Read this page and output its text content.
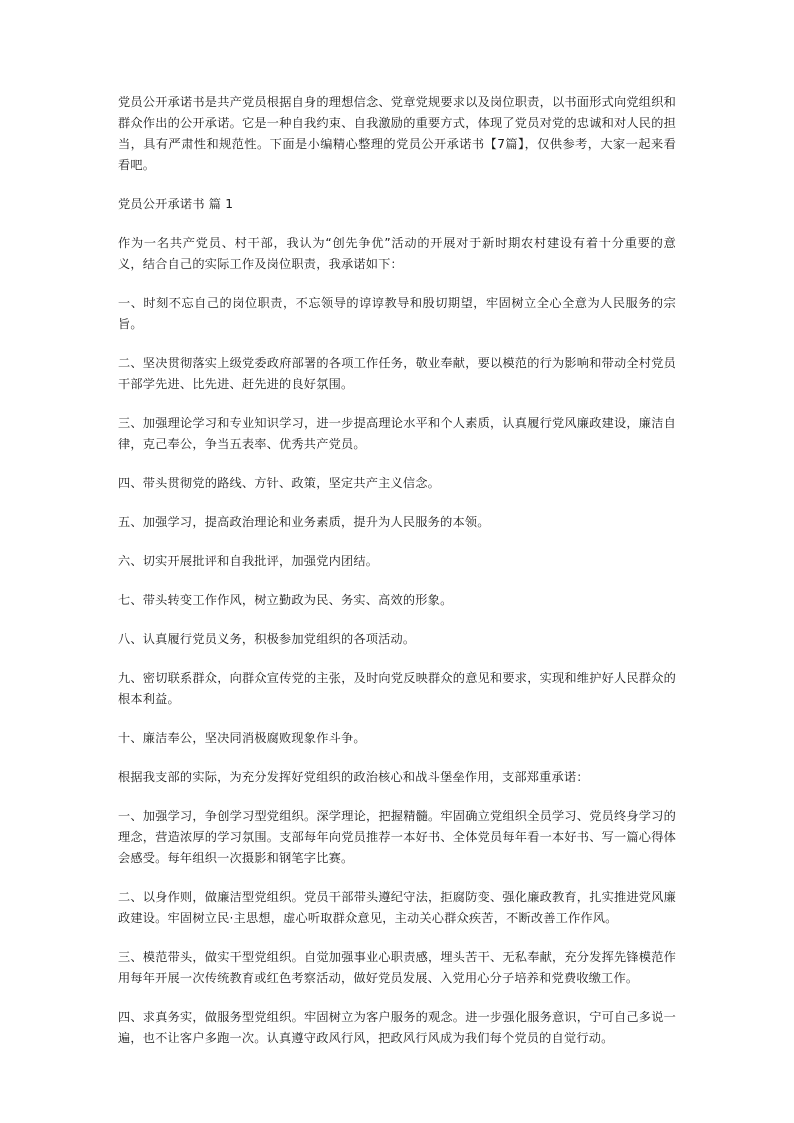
党员公开承诺书是共产党员根据自身的理想信念、党章党规要求以及岗位职责，以书面形式向党组织和群众作出的公开承诺。它是一种自我约束、自我激励的重要方式，体现了党员对党的忠诚和对人民的担当，具有严肃性和规范性。下面是小编精心整理的党员公开承诺书【7篇】，仅供参考，大家一起来看看吧。

党员公开承诺书 篇 1

作为一名共产党员、村干部，我认为“创先争优”活动的开展对于新时期农村建设有着十分重要的意义，结合自己的实际工作及岗位职责，我承诺如下：

一、时刻不忘自己的岗位职责，不忘领导的谆谆教导和殷切期望，牢固树立全心全意为人民服务的宗旨。

二、坚决贯彻落实上级党委政府部署的各项工作任务，敬业奉献，要以模范的行为影响和带动全村党员干部学先进、比先进、赶先进的良好氛围。

三、加强理论学习和专业知识学习，进一步提高理论水平和个人素质，认真履行党风廉政建设，廉洁自律，克己奉公，争当五表率、优秀共产党员。

四、带头贯彻党的路线、方针、政策，坚定共产主义信念。

五、加强学习，提高政治理论和业务素质，提升为人民服务的本领。

六、切实开展批评和自我批评，加强党内团结。

七、带头转变工作作风，树立勤政为民、务实、高效的形象。

八、认真履行党员义务，积极参加党组织的各项活动。

九、密切联系群众，向群众宣传党的主张，及时向党反映群众的意见和要求，实现和维护好人民群众的根本利益。

十、廉洁奉公，坚决同消极腐败现象作斗争。

根据我支部的实际，为充分发挥好党组织的政治核心和战斗堡垒作用，支部郑重承诺：

一、加强学习，争创学习型党组织。深学理论，把握精髓。牢固确立党组织全员学习、党员终身学习的理念，营造浓厚的学习氛围。支部每年向党员推荐一本好书、全体党员每年看一本好书、写一篇心得体会感受。每年组织一次摄影和钢笔字比赛。

二、以身作则，做廉洁型党组织。党员干部带头遵纪守法，拒腐防变、强化廉政教育，扎实推进党风廉政建设。牢固树立民·主思想，虚心听取群众意见，主动关心群众疾苦，不断改善工作作风。

三、模范带头，做实干型党组织。自觉加强事业心职责感，埋头苦干、无私奉献，充分发挥先锋模范作用每年开展一次传统教育或红色考察活动，做好党员发展、入党用心分子培养和党费收缴工作。

四、求真务实，做服务型党组织。牢固树立为客户服务的观念。进一步强化服务意识，宁可自己多说一遍，也不让客户多跑一次。认真遵守政风行风，把政风行风成为我们每个党员的自觉行动。
